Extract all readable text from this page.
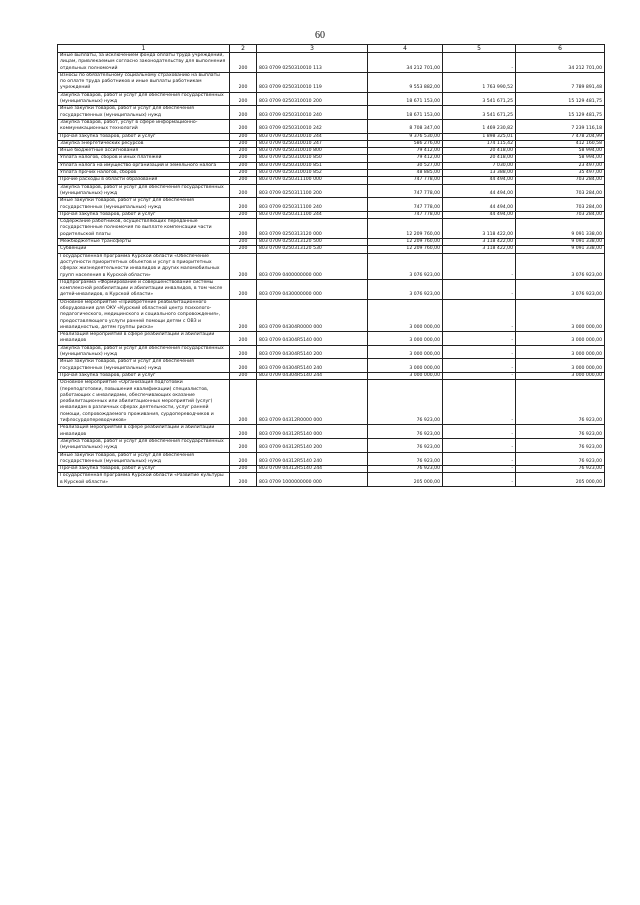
60
1	2	3	4	5	6
Иные выплаты, за исключением фонда оплаты труда учреждений, лицам, привлекаемым согласно законодательству для выполнения отдельных полномочий	200	803 0709 0250310010 113	34 212 701,00	-	34 212 701,00
Взносы по обязательному социальному страхованию на выплаты по оплате труда работников и иные выплаты работникам учреждений	200	803 0709 0250310010 119	9 553 882,00	1 763 990,52	7 789 891,48
Закупка товаров, работ и услуг для обеспечения государственных (муниципальных) нужд	200	803 0709 0250310010 200	18 671 153,00	3 541 671,25	15 129 481,75
Иные закупки товаров, работ и услуг для обеспечения государственных (муниципальных) нужд	200	803 0709 0250310010 240	18 671 153,00	3 541 671,25	15 129 481,75
Закупка товаров, работ, услуг в сфере информационно-коммуникационных технологий	200	803 0709 0250310010 242	8 708 347,00	1 469 230,82	7 239 116,18
Прочая закупка товаров, работ и услуг	200	803 0709 0250310010 244	9 376 530,00	1 898 325,01	7 478 204,99
Закупка энергетических ресурсов	200	803 0709 0250310010 247	586 276,00	174 115,42	412 160,58
Иные бюджетные ассигнования	200	803 0709 0250310010 800	79 412,00	20 418,00	58 994,00
Уплата налогов, сборов и иных платежей	200	803 0709 0250310010 850	79 412,00	20 418,00	58 994,00
Уплата налога на имущество организаций и земельного налога	200	803 0709 0250310010 851	30 527,00	7 030,00	23 497,00
Уплата прочих налогов, сборов	200	803 0709 0250310010 852	48 885,00	13 388,00	35 497,00
Прочие расходы в области образования	200	803 0709 0250311100 000	747 778,00	44 494,00	703 284,00
Закупка товаров, работ и услуг для обеспечения государственных (муниципальных) нужд	200	803 0709 0250311100 200	747 778,00	44 494,00	703 284,00
Иные закупки товаров, работ и услуг для обеспечения государственных (муниципальных) нужд	200	803 0709 0250311100 240	747 778,00	44 494,00	703 284,00
Прочая закупка товаров, работ и услуг	200	803 0709 0250311100 244	747 778,00	44 494,00	703 284,00
Содержание работников, осуществляющих переданные государственные полномочия по выплате компенсации части родительской платы	200	803 0709 0250313120 000	12 209 760,00	3 118 422,00	9 091 338,00
Межбюджетные трансферты	200	803 0709 0250313120 500	12 209 760,00	3 118 422,00	9 091 338,00
Субвенции	200	803 0709 0250313120 530	12 209 760,00	3 118 422,00	9 091 338,00
Государственная программа Курской области «Обеспечение доступности приоритетных объектов и услуг в приоритетных сферах жизнедеятельности инвалидов и других маломобильных групп населения в Курской области»	200	803 0709 0400000000 000	3 076 923,00	-	3 076 923,00
Подпрограмма «Формирование и совершенствование системы комплексной реабилитации и абилитации инвалидов, в том числе детей-инвалидов, в Курской области»	200	803 0709 0430000000 000	3 076 923,00	-	3 076 923,00
Основное мероприятие «Приобретение реабилитационного оборудования для ОКУ «Курский областной центр психолого-педагогического, медицинского и социального сопровождения», предоставляющего услуги ранней помощи детям с ОВЗ и инвалидностью, детям группы риска»	200	803 0709 04304R0000 000	3 000 000,00	-	3 000 000,00
Реализация мероприятий в сфере реабилитации и абилитации инвалидов	200	803 0709 04304R5140 000	3 000 000,00	-	3 000 000,00
Закупка товаров, работ и услуг для обеспечения государственных (муниципальных) нужд	200	803 0709 04304R5140 200	3 000 000,00	-	3 000 000,00
Иные закупки товаров, работ и услуг для обеспечения государственных (муниципальных) нужд	200	803 0709 04304R5140 240	3 000 000,00	-	3 000 000,00
Прочая закупка товаров, работ и услуг	200	803 0709 04304R5140 244	3 000 000,00	-	3 000 000,00
Основное мероприятие «Организация подготовки (переподготовки, повышения квалификации) специалистов, работающих с инвалидами, обеспечивающих оказание реабилитационных или абилитационных мероприятий (услуг) инвалидам в различных сферах деятельности, услуг ранней помощи, сопровождаемого проживания, сурдопереводчиков и тифлосурдопереводчиков»	200	803 0709 04312R0000 000	76 923,00	-	76 923,00
Реализация мероприятий в сфере реабилитации и абилитации инвалидов	200	803 0709 04312R5140 000	76 923,00	-	76 923,00
Закупка товаров, работ и услуг для обеспечения государственных (муниципальных) нужд	200	803 0709 04312R5140 200	76 923,00	-	76 923,00
Иные закупки товаров, работ и услуг для обеспечения государственных (муниципальных) нужд	200	803 0709 04312R5140 240	76 923,00	-	76 923,00
Прочая закупка товаров, работ и услуг	200	803 0709 04312R5140 244	76 923,00	-	76 923,00
Государственная программа Курской области «Развитие культуры в Курской области»	200	803 0709 1000000000 000	205 000,00	-	205 000,00
